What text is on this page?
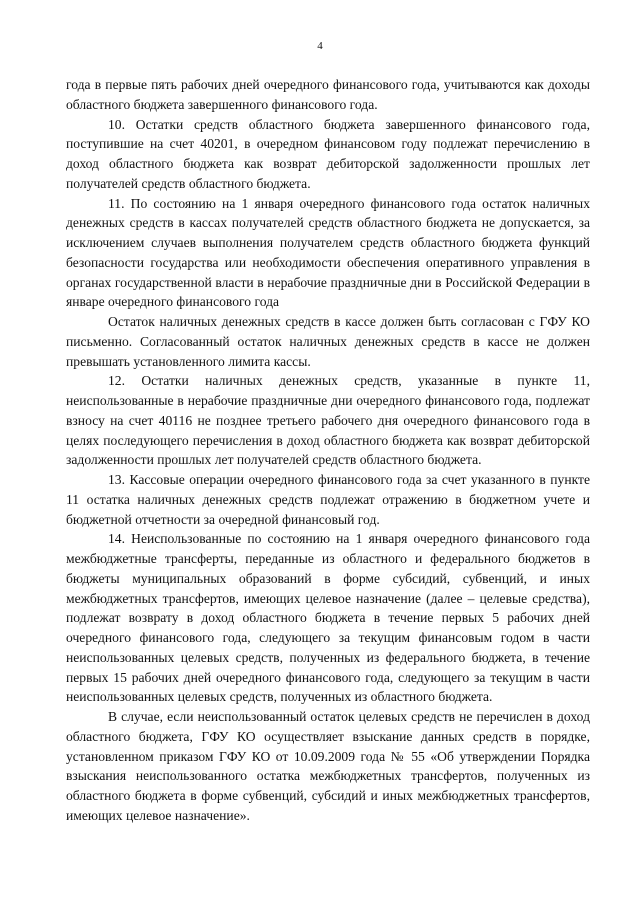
4

года в первые пять рабочих дней очередного финансового года, учитываются как доходы областного бюджета завершенного финансового года.

10. Остатки средств областного бюджета завершенного финансового года, поступившие на счет 40201, в очередном финансовом году подлежат перечислению в доход областного бюджета как возврат дебиторской задолженности прошлых лет получателей средств областного бюджета.

11. По состоянию на 1 января очередного финансового года остаток наличных денежных средств в кассах получателей средств областного бюджета не допускается, за исключением случаев выполнения получателем средств областного бюджета функций безопасности государства или необходимости обеспечения оперативного управления в органах государственной власти в нерабочие праздничные дни в Российской Федерации в январе очередного финансового года

Остаток наличных денежных средств в кассе должен быть согласован с ГФУ КО письменно. Согласованный остаток наличных денежных средств в кассе не должен превышать установленного лимита кассы.

12. Остатки наличных денежных средств, указанные в пункте 11, неиспользованные в нерабочие праздничные дни очередного финансового года, подлежат взносу на счет 40116 не позднее третьего рабочего дня очередного финансового года в целях последующего перечисления в доход областного бюджета как возврат дебиторской задолженности прошлых лет получателей средств областного бюджета.

13. Кассовые операции очередного финансового года за счет указанного в пункте 11 остатка наличных денежных средств подлежат отражению в бюджетном учете и бюджетной отчетности за очередной финансовый год.

14. Неиспользованные по состоянию на 1 января очередного финансового года межбюджетные трансферты, переданные из областного и федерального бюджетов в бюджеты муниципальных образований в форме субсидий, субвенций, и иных межбюджетных трансфертов, имеющих целевое назначение (далее – целевые средства), подлежат возврату в доход областного бюджета в течение первых 5 рабочих дней очередного финансового года, следующего за текущим финансовым годом в части неиспользованных целевых средств, полученных из федерального бюджета, в течение первых 15 рабочих дней очередного финансового года, следующего за текущим в части неиспользованных целевых средств, полученных из областного бюджета.

В случае, если неиспользованный остаток целевых средств не перечислен в доход областного бюджета, ГФУ КО осуществляет взыскание данных средств в порядке, установленном приказом ГФУ КО от 10.09.2009 года № 55 «Об утверждении Порядка взыскания неиспользованного остатка межбюджетных трансфертов, полученных из областного бюджета в форме субвенций, субсидий и иных межбюджетных трансфертов, имеющих целевое назначение».
